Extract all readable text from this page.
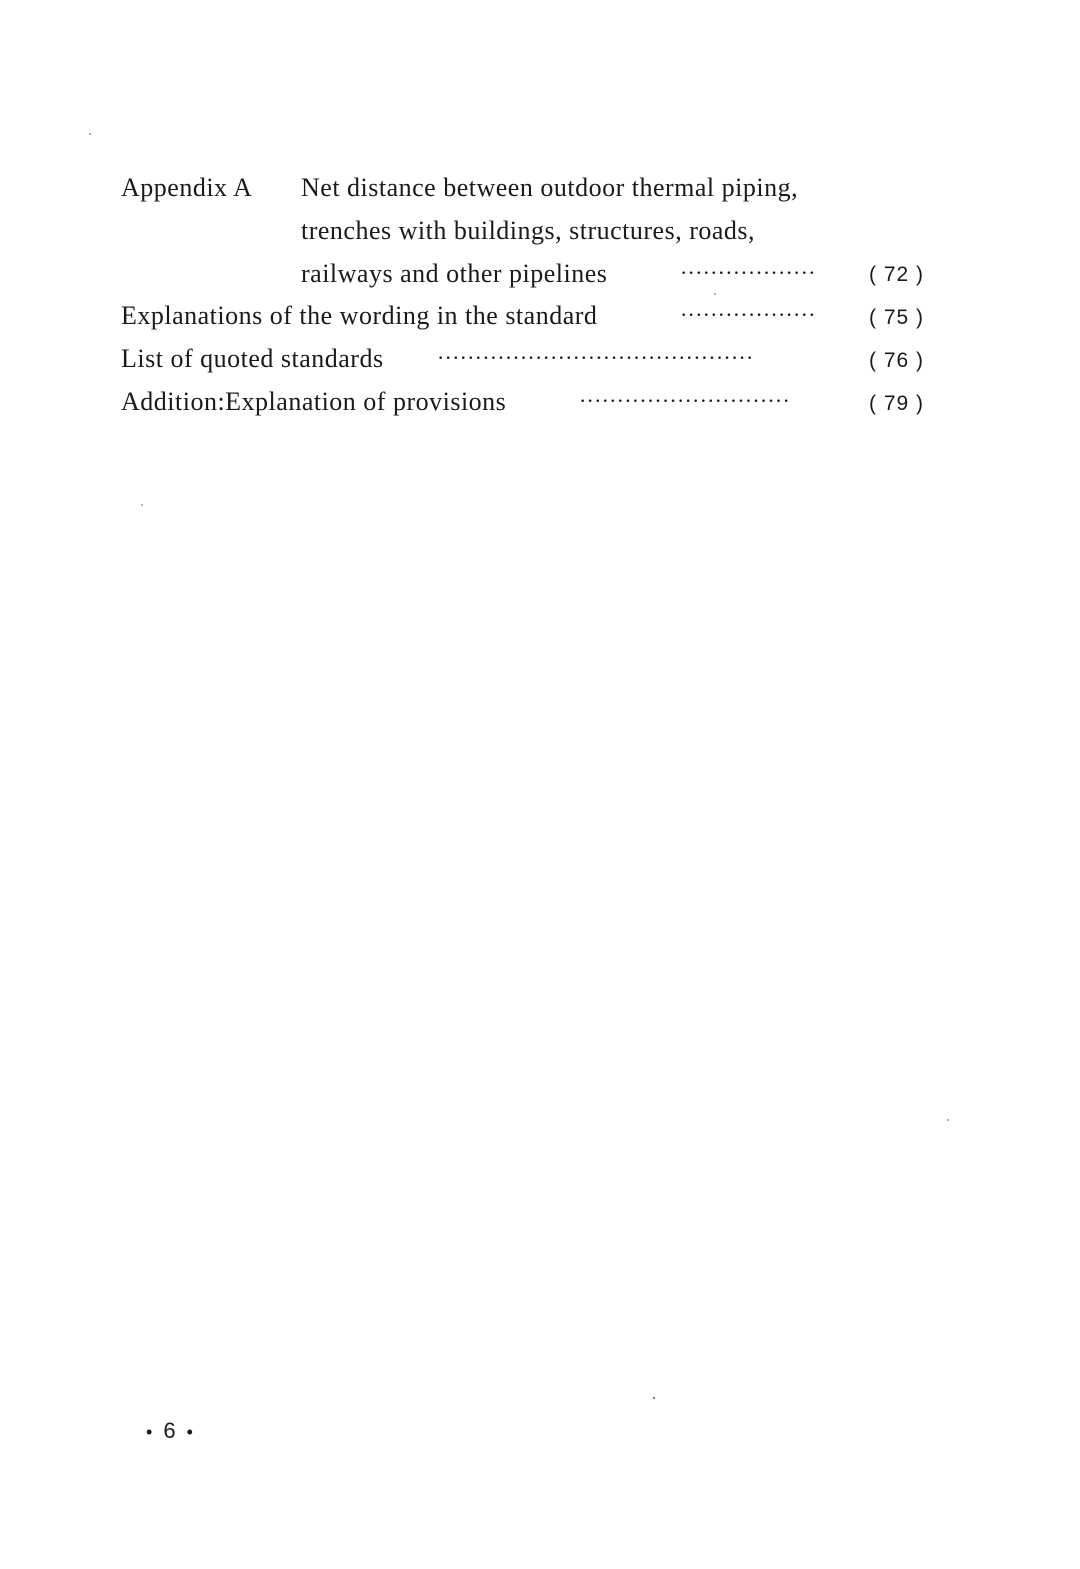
Appendix A Net distance between outdoor thermal piping,
trenches with buildings, structures, roads,
railways and other pipelines	··················	( 72 )
Explanations of the wording in the standard	··················	( 75 )
List of quoted standards	··········································	( 76 )
Addition:Explanation of provisions	····························	( 79 )
• 6 •
